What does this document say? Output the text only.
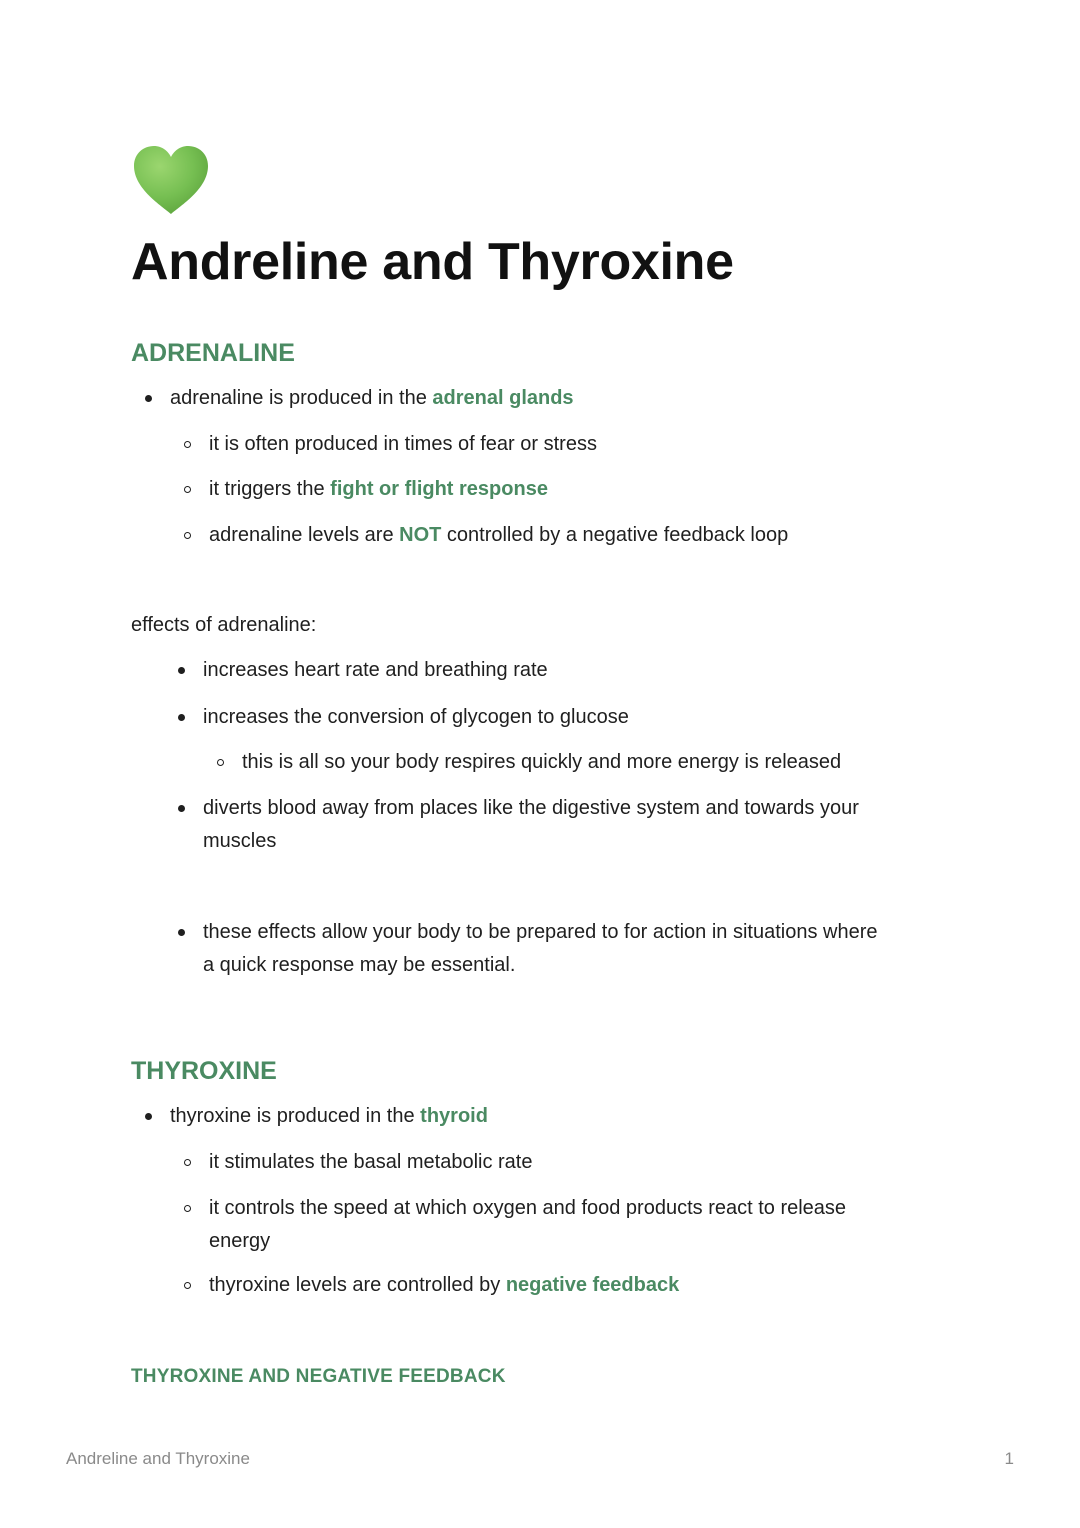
Andreline and Thyroxine
ADRENALINE
adrenaline is produced in the adrenal glands
it is often produced in times of fear or stress
it triggers the fight or flight response
adrenaline levels are NOT controlled by a negative feedback loop
effects of adrenaline:
increases heart rate and breathing rate
increases the conversion of glycogen to glucose
this is all so your body respires quickly and more energy is released
diverts blood away from places like the digestive system and towards your
muscles
these effects allow your body to be prepared to for action in situations where
a quick response may be essential.
THYROXINE
thyroxine is produced in the thyroid
it stimulates the basal metabolic rate
it controls the speed at which oxygen and food products react to release
energy
thyroxine levels are controlled by negative feedback
THYROXINE AND NEGATIVE FEEDBACK
Andreline and Thyroxine	1
